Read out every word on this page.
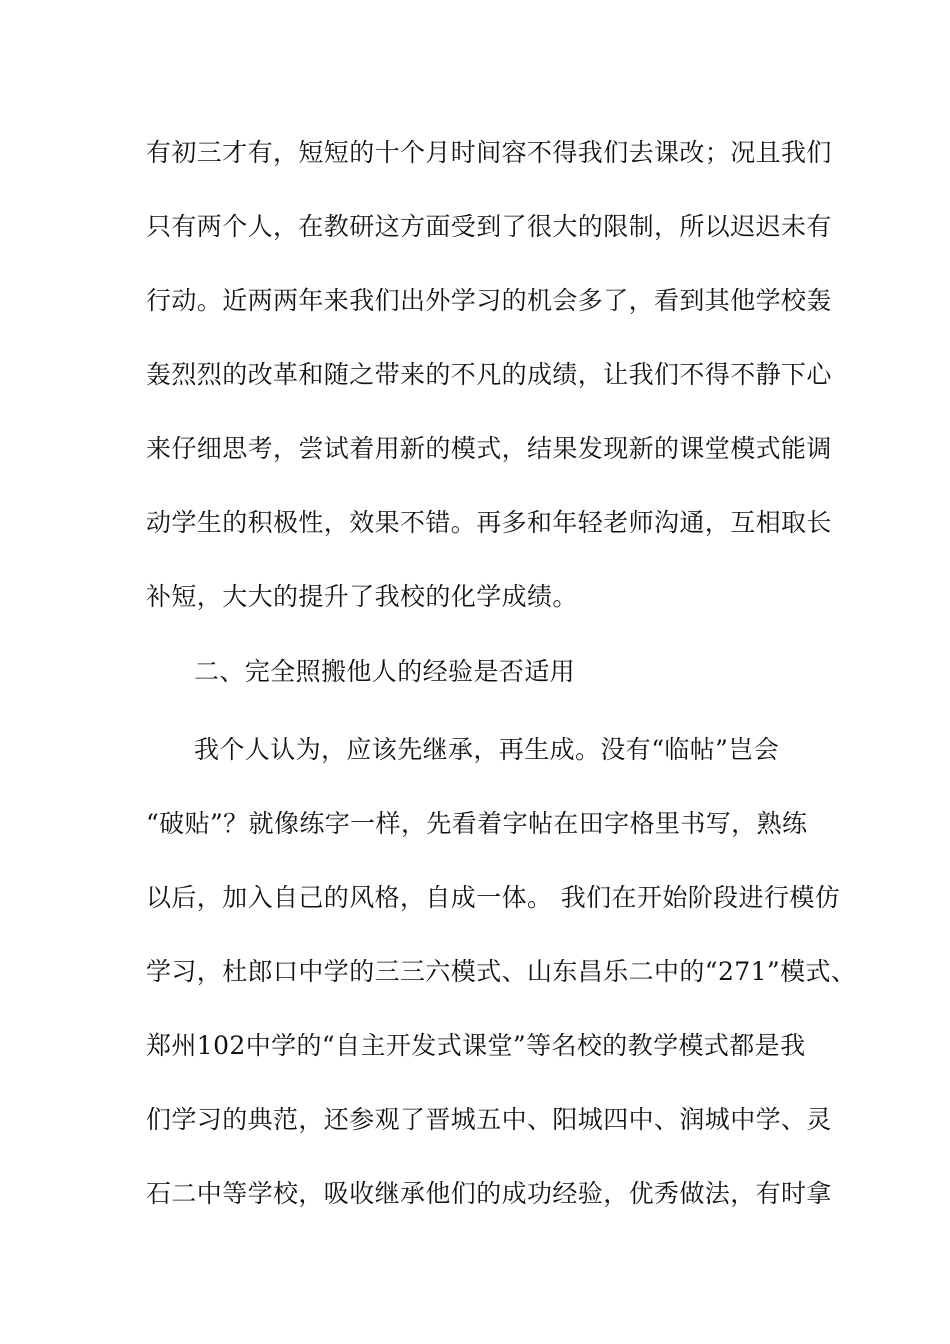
有初三才有，短短的十个月时间容不得我们去课改；况且我们
只有两个人，在教研这方面受到了很大的限制，所以迟迟未有
行动。近两两年来我们出外学习的机会多了，看到其他学校轰
轰烈烈的改革和随之带来的不凡的成绩，让我们不得不静下心
来仔细思考，尝试着用新的模式，结果发现新的课堂模式能调
动学生的积极性，效果不错。再多和年轻老师沟通，互相取长
补短，大大的提升了我校的化学成绩。
二、完全照搬他人的经验是否适用
我个人认为，应该先继承，再生成。没有“临帖”岂会
“破贴”？就像练字一样，先看着字帖在田字格里书写，熟练
以后，加入自己的风格，自成一体。 我们在开始阶段进行模仿
学习，杜郎口中学的三三六模式、山东昌乐二中的“271”模式、
郑州102中学的“自主开发式课堂”等名校的教学模式都是我
们学习的典范，还参观了晋城五中、阳城四中、润城中学、灵
石二中等学校，吸收继承他们的成功经验，优秀做法，有时拿
